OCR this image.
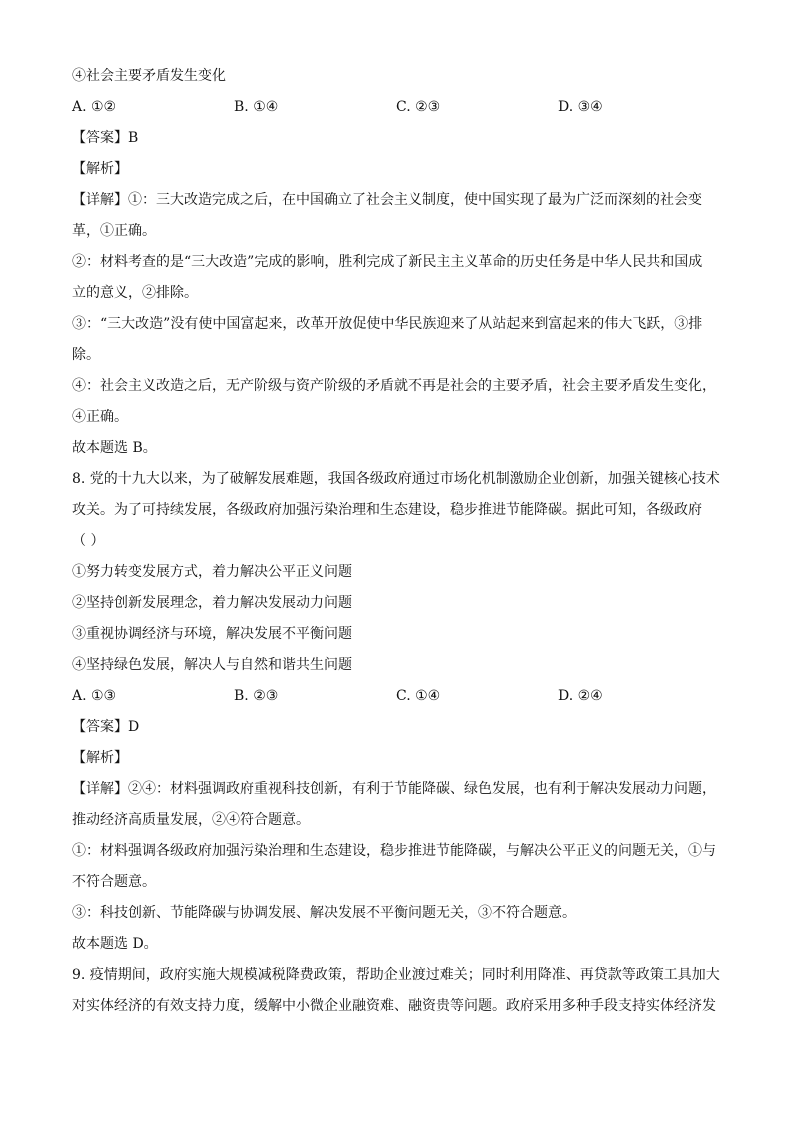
④社会主要矛盾发生变化
A. ①②	B. ①④	C. ②③	D. ③④
【答案】B
【解析】
【详解】①：三大改造完成之后，在中国确立了社会主义制度，使中国实现了最为广泛而深刻的社会变
革，①正确。
②：材料考查的是“三大改造”完成的影响，胜利完成了新民主主义革命的历史任务是中华人民共和国成
立的意义，②排除。
③：“三大改造”没有使中国富起来，改革开放促使中华民族迎来了从站起来到富起来的伟大飞跃，③排
除。
④：社会主义改造之后，无产阶级与资产阶级的矛盾就不再是社会的主要矛盾，社会主要矛盾发生变化，
④正确。
故本题选 B。
8. 党的十九大以来，为了破解发展难题，我国各级政府通过市场化机制激励企业创新，加强关键核心技术
攻关。为了可持续发展，各级政府加强污染治理和生态建设，稳步推进节能降碳。据此可知，各级政府
（ ）
①努力转变发展方式，着力解决公平正义问题
②坚持创新发展理念，着力解决发展动力问题
③重视协调经济与环境，解决发展不平衡问题
④坚持绿色发展，解决人与自然和谐共生问题
A. ①③	B. ②③	C. ①④	D. ②④
【答案】D
【解析】
【详解】②④：材料强调政府重视科技创新，有利于节能降碳、绿色发展，也有利于解决发展动力问题，
推动经济高质量发展，②④符合题意。
①：材料强调各级政府加强污染治理和生态建设，稳步推进节能降碳，与解决公平正义的问题无关，①与
不符合题意。
③：科技创新、节能降碳与协调发展、解决发展不平衡问题无关，③不符合题意。
故本题选 D。
9. 疫情期间，政府实施大规模减税降费政策，帮助企业渡过难关；同时利用降准、再贷款等政策工具加大
对实体经济的有效支持力度，缓解中小微企业融资难、融资贵等问题。政府采用多种手段支持实体经济发
